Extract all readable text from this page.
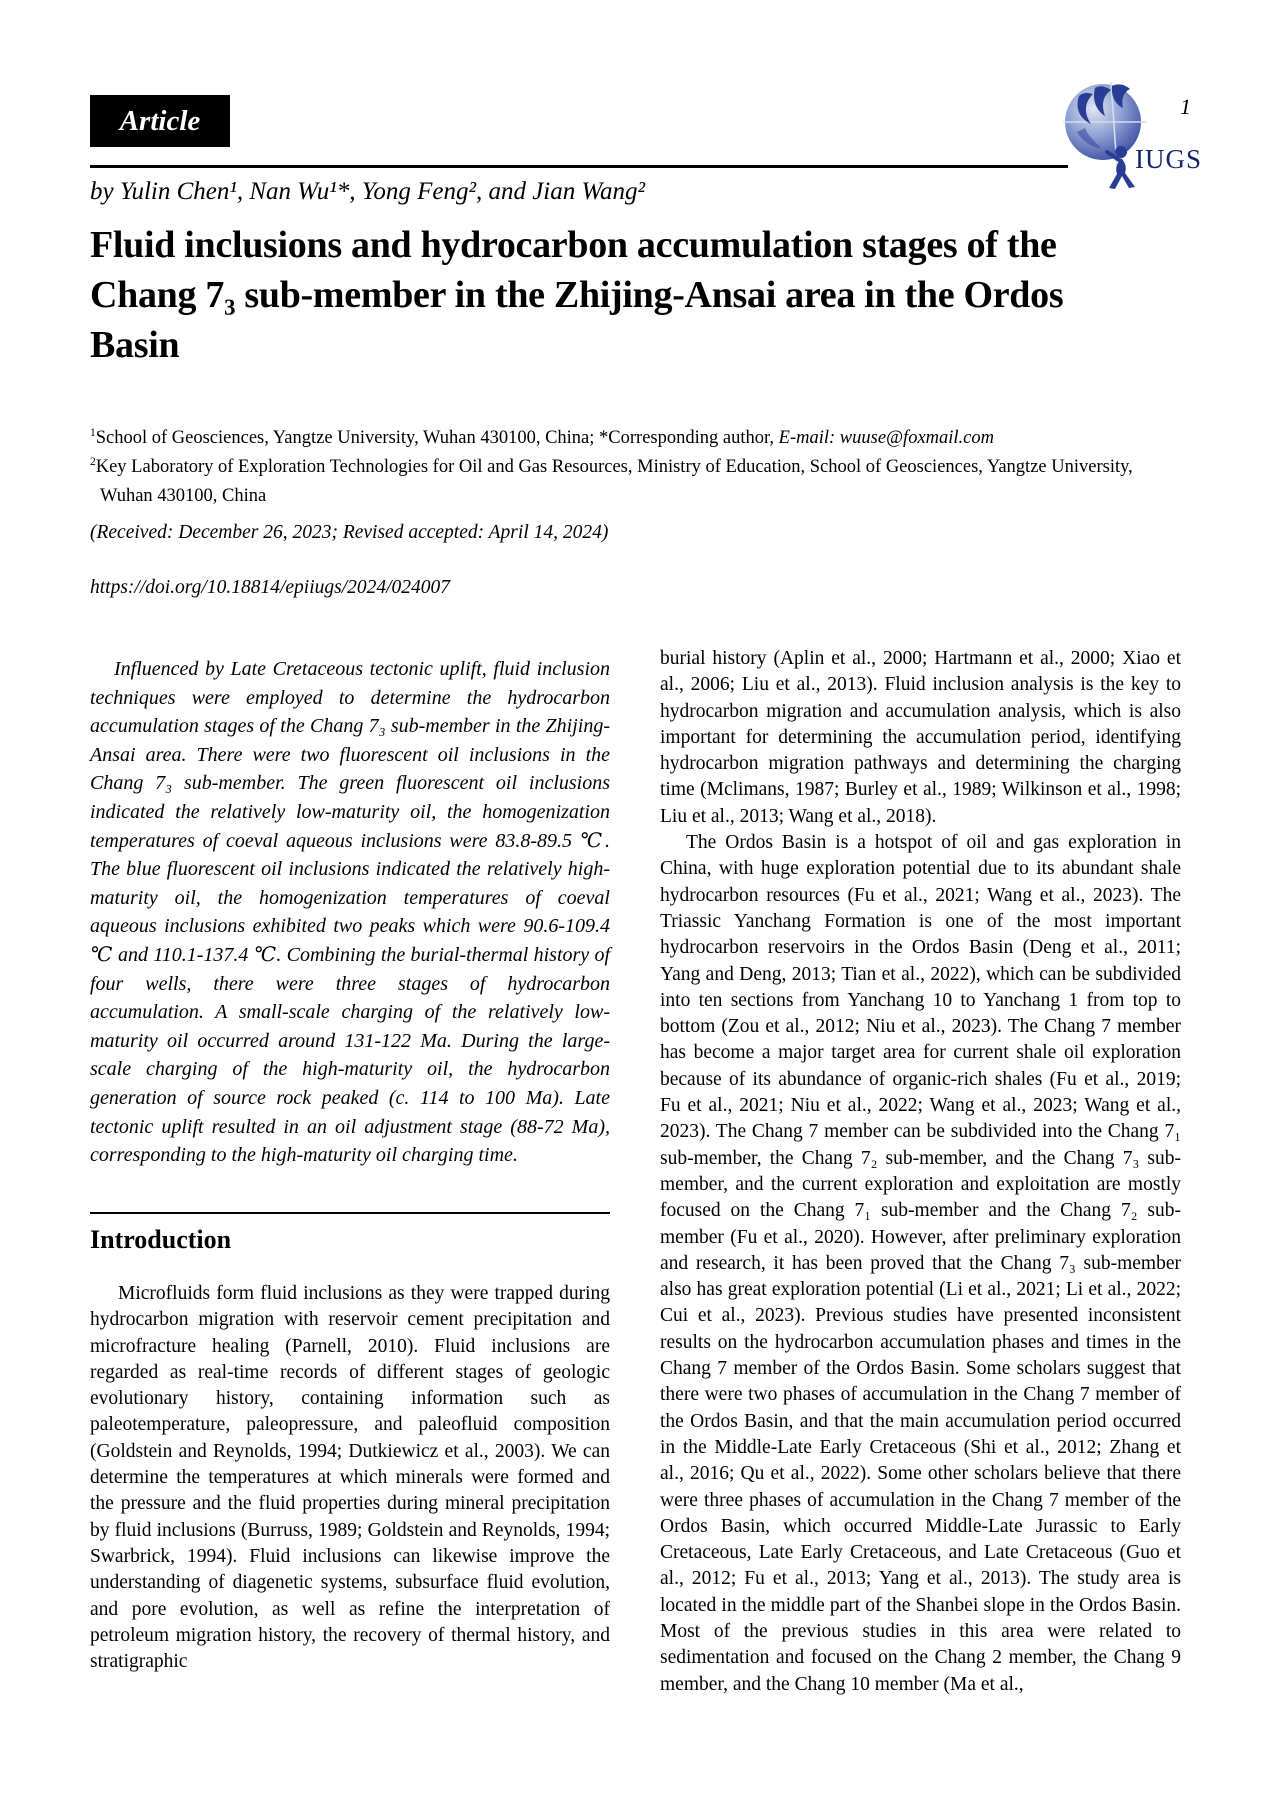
Article
IUGS
1
by Yulin Chen¹, Nan Wu¹*, Yong Feng², and Jian Wang²
Fluid inclusions and hydrocarbon accumulation stages of the
Chang 7₃ sub-member in the Zhijing-Ansai area in the Ordos
Basin
$^1$School of Geosciences, Yangtze University, Wuhan 430100, China; *Corresponding author, E-mail: wuuse@foxmail.com
$^2$Key Laboratory of Exploration Technologies for Oil and Gas Resources, Ministry of Education, School of Geosciences, Yangtze University,
Wuhan 430100, China
(Received: December 26, 2023; Revised accepted: April 14, 2024)
https://doi.org/10.18814/epiiugs/2024/024007

Influenced by Late Cretaceous tectonic uplift, fluid inclusion techniques were employed to determine the hydrocarbon accumulation stages of the Chang 7₃ sub-member in the Zhijing-Ansai area. There were two fluorescent oil inclusions in the Chang 7₃ sub-member. The green fluorescent oil inclusions indicated the relatively low-maturity oil, the homogenization temperatures of coeval aqueous inclusions were 83.8-89.5 ℃. The blue fluorescent oil inclusions indicated the relatively high-maturity oil, the homogenization temperatures of coeval aqueous inclusions exhibited two peaks which were 90.6-109.4 ℃ and 110.1-137.4 ℃. Combining the burial-thermal history of four wells, there were three stages of hydrocarbon accumulation. A small-scale charging of the relatively low-maturity oil occurred around 131-122 Ma. During the large-scale charging of the high-maturity oil, the hydrocarbon generation of source rock peaked (c. 114 to 100 Ma). Late tectonic uplift resulted in an oil adjustment stage (88-72 Ma), corresponding to the high-maturity oil charging time.

Introduction

Microfluids form fluid inclusions as they were trapped during hydrocarbon migration with reservoir cement precipitation and microfracture healing (Parnell, 2010). Fluid inclusions are regarded as real-time records of different stages of geologic evolutionary history, containing information such as paleotemperature, paleopressure, and paleofluid composition (Goldstein and Reynolds, 1994; Dutkiewicz et al., 2003). We can determine the temperatures at which minerals were formed and the pressure and the fluid properties during mineral precipitation by fluid inclusions (Burruss, 1989; Goldstein and Reynolds, 1994; Swarbrick, 1994). Fluid inclusions can likewise improve the understanding of diagenetic systems, subsurface fluid evolution, and pore evolution, as well as refine the interpretation of petroleum migration history, the recovery of thermal history, and stratigraphic

burial history (Aplin et al., 2000; Hartmann et al., 2000; Xiao et al., 2006; Liu et al., 2013). Fluid inclusion analysis is the key to hydrocarbon migration and accumulation analysis, which is also important for determining the accumulation period, identifying hydrocarbon migration pathways and determining the charging time (Mclimans, 1987; Burley et al., 1989; Wilkinson et al., 1998; Liu et al., 2013; Wang et al., 2018).

The Ordos Basin is a hotspot of oil and gas exploration in China, with huge exploration potential due to its abundant shale hydrocarbon resources (Fu et al., 2021; Wang et al., 2023). The Triassic Yanchang Formation is one of the most important hydrocarbon reservoirs in the Ordos Basin (Deng et al., 2011; Yang and Deng, 2013; Tian et al., 2022), which can be subdivided into ten sections from Yanchang 10 to Yanchang 1 from top to bottom (Zou et al., 2012; Niu et al., 2023). The Chang 7 member has become a major target area for current shale oil exploration because of its abundance of organic-rich shales (Fu et al., 2019; Fu et al., 2021; Niu et al., 2022; Wang et al., 2023; Wang et al., 2023). The Chang 7 member can be subdivided into the Chang 7₁ sub-member, the Chang 7₂ sub-member, and the Chang 7₃ sub-member, and the current exploration and exploitation are mostly focused on the Chang 7₁ sub-member and the Chang 7₂ sub-member (Fu et al., 2020). However, after preliminary exploration and research, it has been proved that the Chang 7₃ sub-member also has great exploration potential (Li et al., 2021; Li et al., 2022; Cui et al., 2023). Previous studies have presented inconsistent results on the hydrocarbon accumulation phases and times in the Chang 7 member of the Ordos Basin. Some scholars suggest that there were two phases of accumulation in the Chang 7 member of the Ordos Basin, and that the main accumulation period occurred in the Middle-Late Early Cretaceous (Shi et al., 2012; Zhang et al., 2016; Qu et al., 2022). Some other scholars believe that there were three phases of accumulation in the Chang 7 member of the Ordos Basin, which occurred Middle-Late Jurassic to Early Cretaceous, Late Early Cretaceous, and Late Cretaceous (Guo et al., 2012; Fu et al., 2013; Yang et al., 2013). The study area is located in the middle part of the Shanbei slope in the Ordos Basin. Most of the previous studies in this area were related to sedimentation and focused on the Chang 2 member, the Chang 9 member, and the Chang 10 member (Ma et al.,
